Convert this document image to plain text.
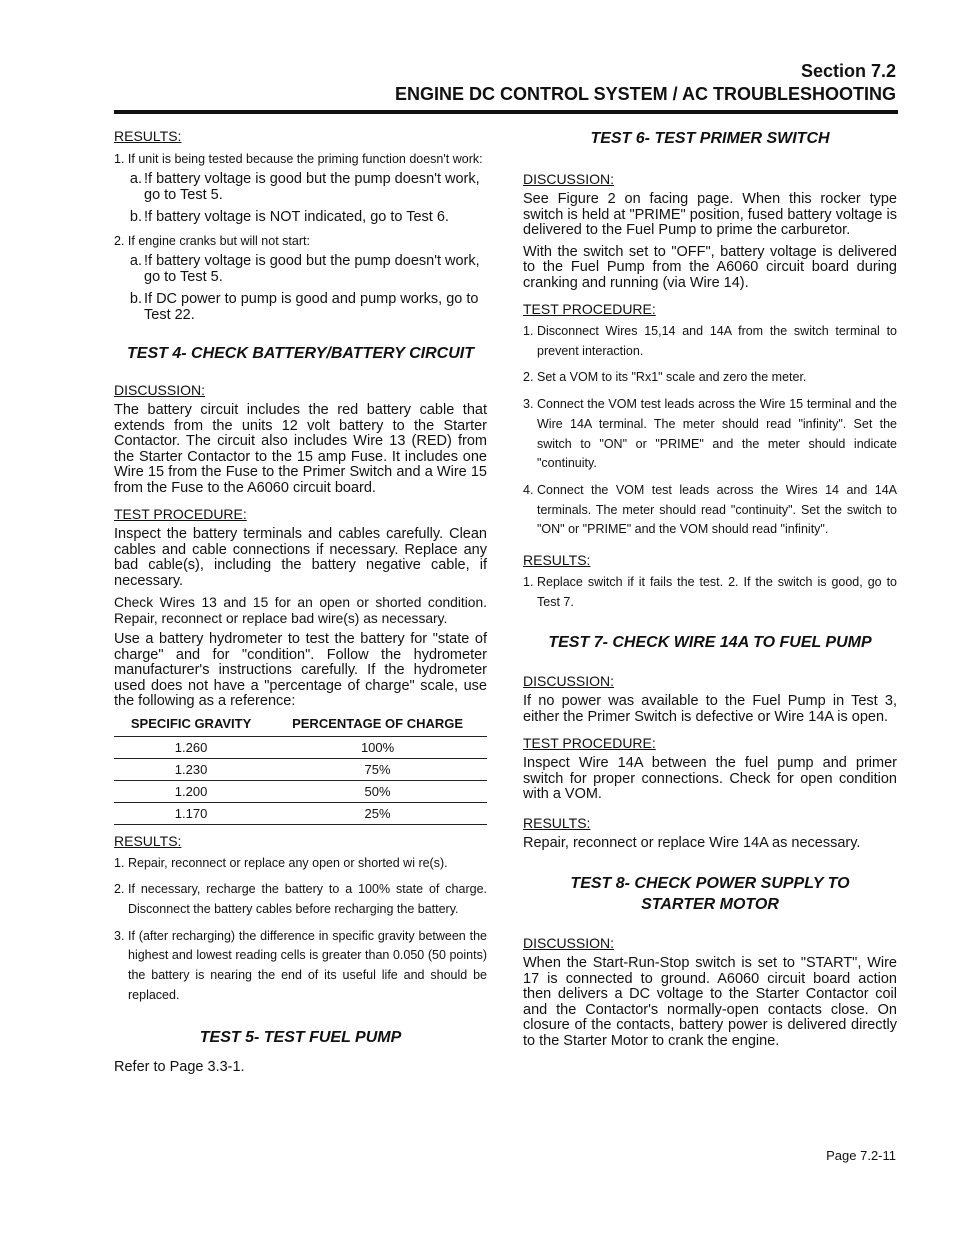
Section 7.2
ENGINE DC CONTROL SYSTEM / AC TROUBLESHOOTING

RESULTS:

1. If unit is being tested because the priming function doesn't work:

a. !f battery voltage is good but the pump doesn't work, go to Test 5.
b. !f battery voltage is NOT indicated, go to Test 6.

2. If engine cranks but will not start:

a. !f battery voltage is good but the pump doesn't work, go to Test 5.
b. If DC power to pump is good and pump works, go to Test 22.
TEST 4- CHECK BATTERY/BATTERY CIRCUIT

DISCUSSION:

The battery circuit includes the red battery cable that extends from the units 12 volt battery to the Starter Contactor. The circuit also includes Wire 13 (RED) from the Starter Contactor to the 15 amp Fuse. It includes one Wire 15 from the Fuse to the Primer Switch and a Wire 15 from the Fuse to the A6060 circuit board.

TEST PROCEDURE:

Inspect the battery terminals and cables carefully. Clean cables and cable connections if necessary. Replace any bad cable(s), including the battery negative cable, if necessary.

Check Wires 13 and 15 for an open or shorted condition. Repair, reconnect or replace bad wire(s) as necessary.

Use a battery hydrometer to test the battery for "state of charge" and for "condition". Follow the hydrometer manufacturer's instructions carefully. If the hydrometer used does not have a "percentage of charge" scale, use the following as a reference:

SPECIFIC GRAVITY	PERCENTAGE OF CHARGE
1.260	100%
1.230	75%
1.200	50%
1.170	25%

RESULTS:

1. Repair, reconnect or replace any open or shorted wi re(s).
2. If necessary, recharge the battery to a 100% state of charge. Disconnect the battery cables before recharging the battery.
3. If (after recharging) the difference in specific gravity between the highest and lowest reading cells is greater than 0.050 (50 points) the battery is nearing the end of its useful life and should be replaced.
TEST 5- TEST FUEL PUMP

Refer to Page 3.3-1.

TEST 6- TEST PRIMER SWITCH

DISCUSSION:

See Figure 2 on facing page. When this rocker type switch is held at "PRIME" position, fused battery voltage is delivered to the Fuel Pump to prime the carburetor.

With the switch set to "OFF", battery voltage is delivered to the Fuel Pump from the A6060 circuit board during cranking and running (via Wire 14).

TEST PROCEDURE:

1. Disconnect Wires 15,14 and 14A from the switch terminal to prevent interaction.
2. Set a VOM to its "Rx1" scale and zero the meter.
3. Connect the VOM test leads across the Wire 15 terminal and the Wire 14A terminal. The meter should read "infinity". Set the switch to "ON" or "PRIME" and the meter should indicate "continuity.
4. Connect the VOM test leads across the Wires 14 and 14A terminals. The meter should read "continuity". Set the switch to "ON" or "PRIME" and the VOM should read "infinity".

RESULTS:

1. Replace switch if it fails the test. 2. If the switch is good, go to Test 7.
TEST 7- CHECK WIRE 14A TO FUEL PUMP

DISCUSSION:

If no power was available to the Fuel Pump in Test 3, either the Primer Switch is defective or Wire 14A is open.

TEST PROCEDURE:

Inspect Wire 14A between the fuel pump and primer switch for proper connections. Check for open condition with a VOM.

RESULTS:

Repair, reconnect or replace Wire 14A as necessary.

TEST 8- CHECK POWER SUPPLY TO
STARTER MOTOR

DISCUSSION:

When the Start-Run-Stop switch is set to "START", Wire 17 is connected to ground. A6060 circuit board action then delivers a DC voltage to the Starter Contactor coil and the Contactor's normally-open contacts close. On closure of the contacts, battery power is delivered directly to the Starter Motor to crank the engine.

Page 7.2-11
